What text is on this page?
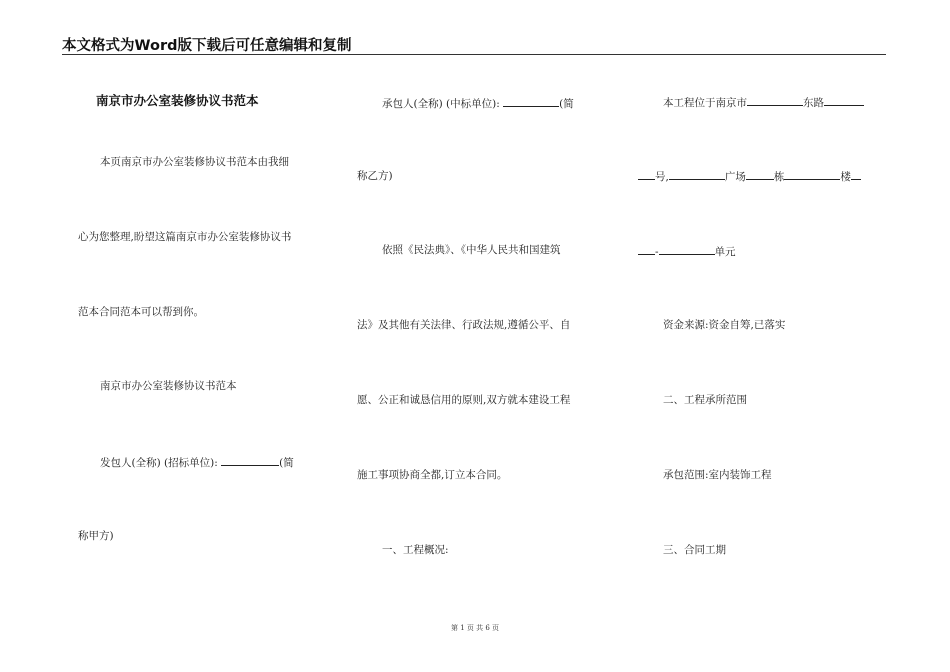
本文格式为Word版下载后可任意编辑和复制
南京市办公室装修协议书范本
本页南京市办公室装修协议书范本由我细
心为您整理,盼望这篇南京市办公室装修协议书
范本合同范本可以帮到你。
南京市办公室装修协议书范本
发包人(全称) (招标单位):	(简
称甲方)
承包人(全称) (中标单位):	(简
称乙方)
依照《民法典》、《中华人民共和国建筑
法》及其他有关法律、行政法规,遵循公平、自
愿、公正和诚恳信用的原则,双方就本建设工程
施工事项协商全都,订立本合同。
一、工程概况:
本工程位于南京市	东路
号,	广场	栋	楼
-	单元
资金来源:资金自筹,已落实
二、工程承所范围
承包范围:室内装饰工程
三、合同工期
第 1 页 共 6 页
